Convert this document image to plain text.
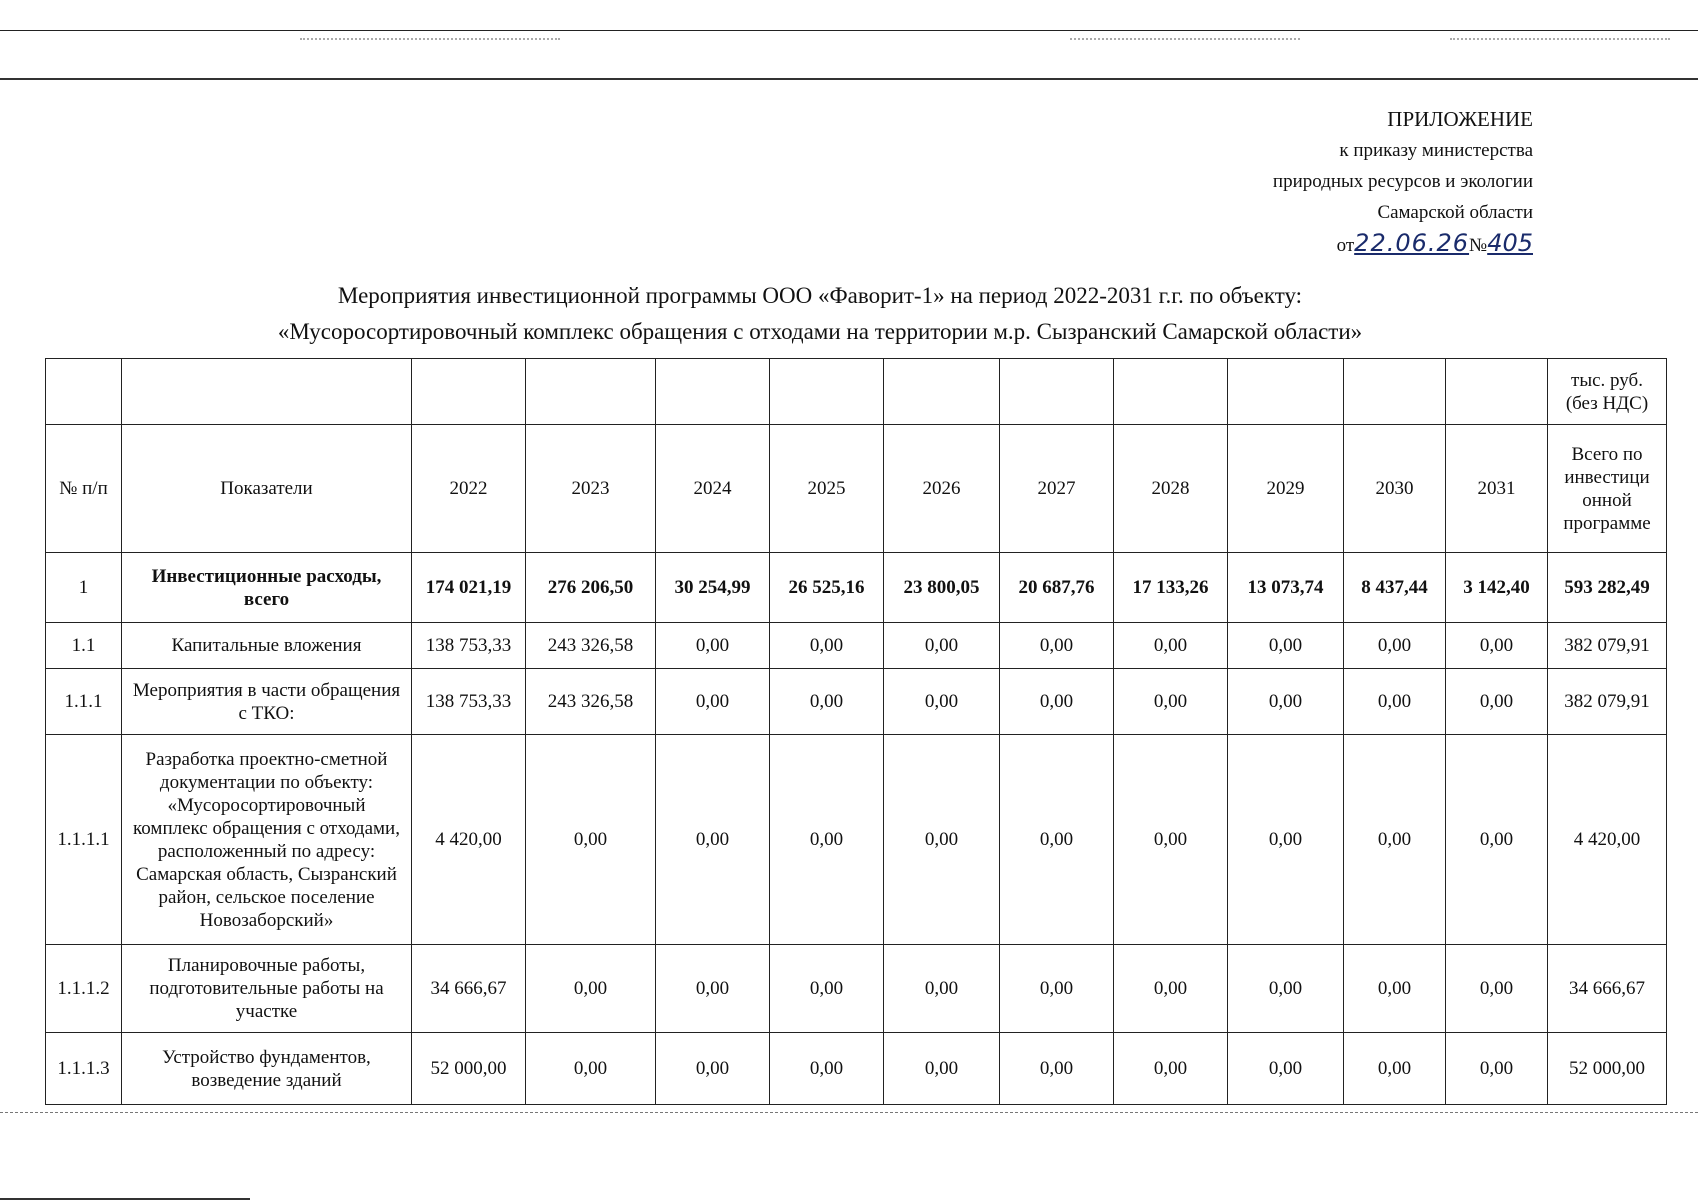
ПРИЛОЖЕНИЕ
к приказу министерства
природных ресурсов и экологии
Самарской области
от22.06.26№405
Мероприятия инвестиционной программы ООО «Фаворит-1» на период 2022-2031 г.г. по объекту:
«Мусоросортировочный комплекс обращения с отходами на территории м.р. Сызранский Самарской области»

												тыс. руб.
(без НДС)

№ п/п	Показатели	2022	2023	2024	2025	2026	2027	2028	2029	2030	2031	Всего по инвестици онной программе
1	Инвестиционные расходы, всего	174 021,19	276 206,50	30 254,99	26 525,16	23 800,05	20 687,76	17 133,26	13 073,74	8 437,44	3 142,40	593 282,49
1.1	Капитальные вложения	138 753,33	243 326,58	0,00	0,00	0,00	0,00	0,00	0,00	0,00	0,00	382 079,91
1.1.1	Мероприятия в части обращения с ТКО:	138 753,33	243 326,58	0,00	0,00	0,00	0,00	0,00	0,00	0,00	0,00	382 079,91
1.1.1.1	Разработка проектно-сметной документации по объекту: «Мусоросортировочный комплекс обращения с отходами, расположенный по адресу: Самарская область, Сызранский район, сельское поселение Новозаборский»	4 420,00	0,00	0,00	0,00	0,00	0,00	0,00	0,00	0,00	0,00	4 420,00
1.1.1.2	Планировочные работы, подготовительные работы на участке	34 666,67	0,00	0,00	0,00	0,00	0,00	0,00	0,00	0,00	0,00	34 666,67
1.1.1.3	Устройство фундаментов, возведение зданий	52 000,00	0,00	0,00	0,00	0,00	0,00	0,00	0,00	0,00	0,00	52 000,00
